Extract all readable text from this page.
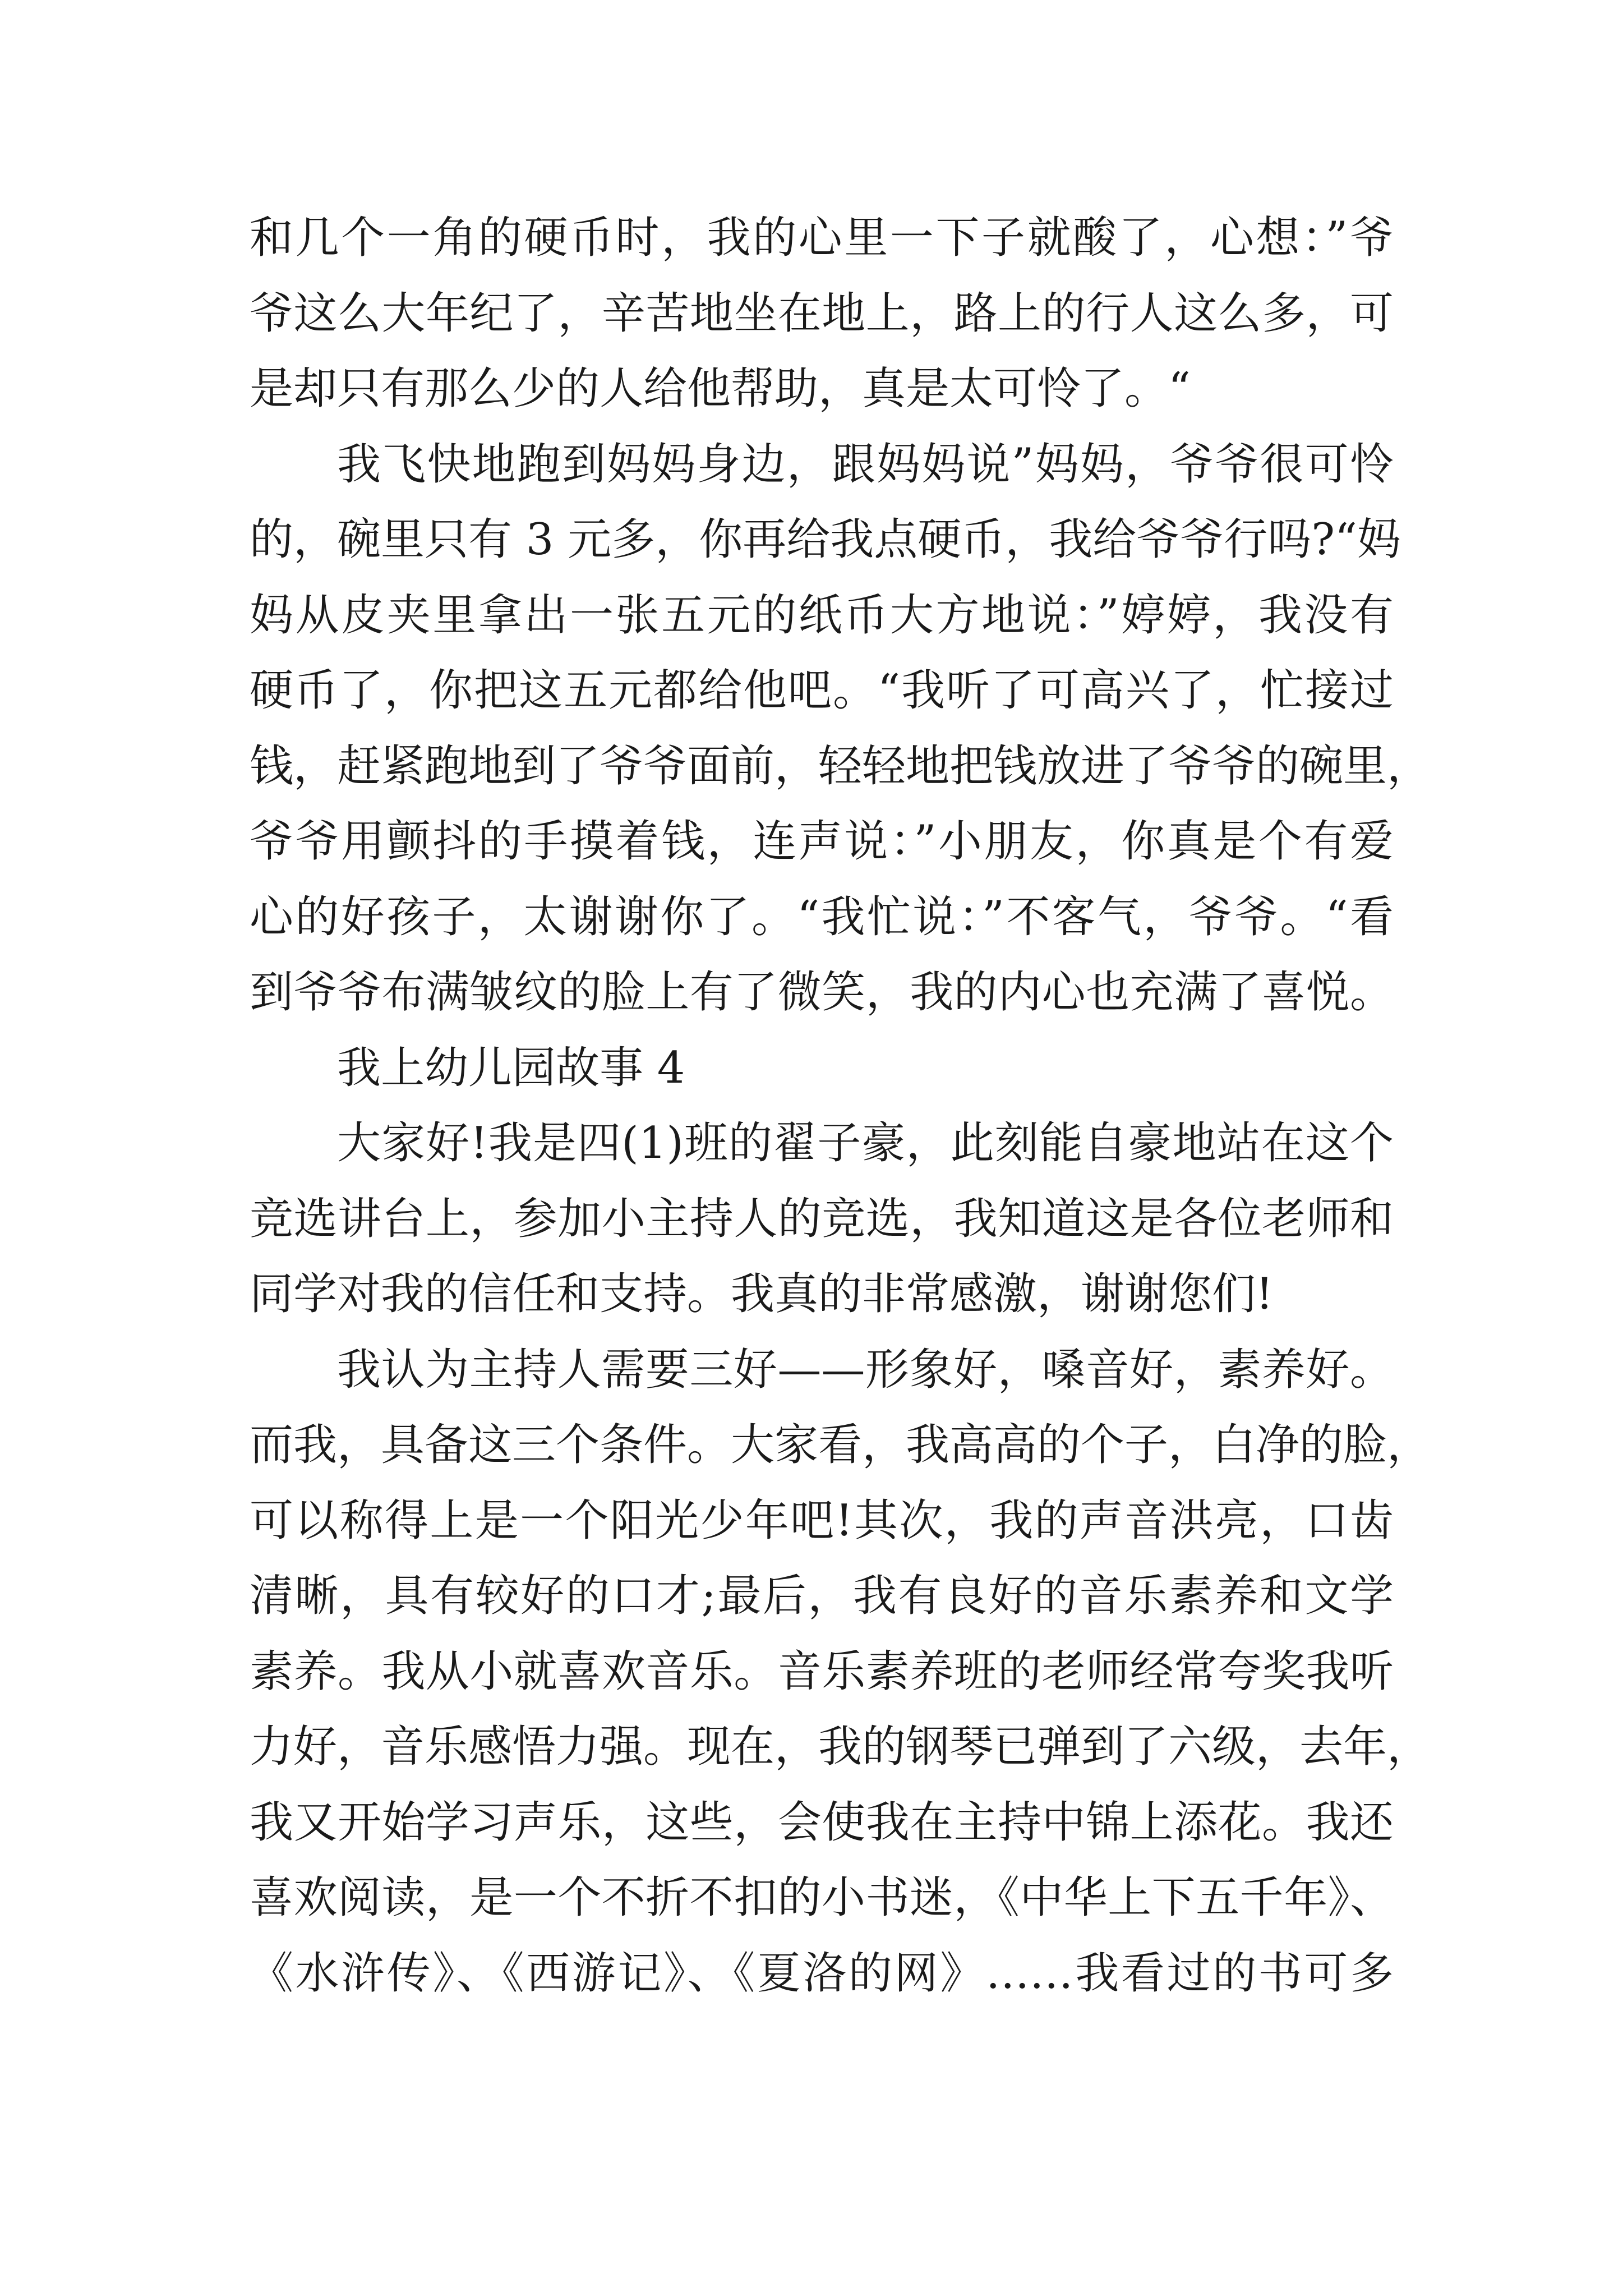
和几个一角的硬币时，我的心里一下子就酸了，心想：”爷
爷这么大年纪了，辛苦地坐在地上，路上的行人这么多，可
是却只有那么少的人给他帮助，真是太可怜了。“
我飞快地跑到妈妈身边，跟妈妈说”妈妈，爷爷很可怜
的，碗里只有 3 元多，你再给我点硬币，我给爷爷行吗?“妈
妈从皮夹里拿出一张五元的纸币大方地说：”婷婷，我没有
硬币了，你把这五元都给他吧。“我听了可高兴了，忙接过
钱，赶紧跑地到了爷爷面前，轻轻地把钱放进了爷爷的碗里，
爷爷用颤抖的手摸着钱，连声说：”小朋友，你真是个有爱
心的好孩子，太谢谢你了。“我忙说：”不客气，爷爷。“看
到爷爷布满皱纹的脸上有了微笑，我的内心也充满了喜悦。
我上幼儿园故事 4
大家好!我是四(1)班的翟子豪，此刻能自豪地站在这个
竞选讲台上，参加小主持人的竞选，我知道这是各位老师和
同学对我的信任和支持。我真的非常感激，谢谢您们!
我认为主持人需要三好——形象好，嗓音好，素养好。
而我，具备这三个条件。大家看，我高高的个子，白净的脸，
可以称得上是一个阳光少年吧!其次，我的声音洪亮，口齿
清晰，具有较好的口才;最后，我有良好的音乐素养和文学
素养。我从小就喜欢音乐。音乐素养班的老师经常夸奖我听
力好，音乐感悟力强。现在，我的钢琴已弹到了六级，去年，
我又开始学习声乐，这些，会使我在主持中锦上添花。我还
喜欢阅读，是一个不折不扣的小书迷，《中华上下五千年》、
《水浒传》、《西游记》、《夏洛的网》……我看过的书可多
